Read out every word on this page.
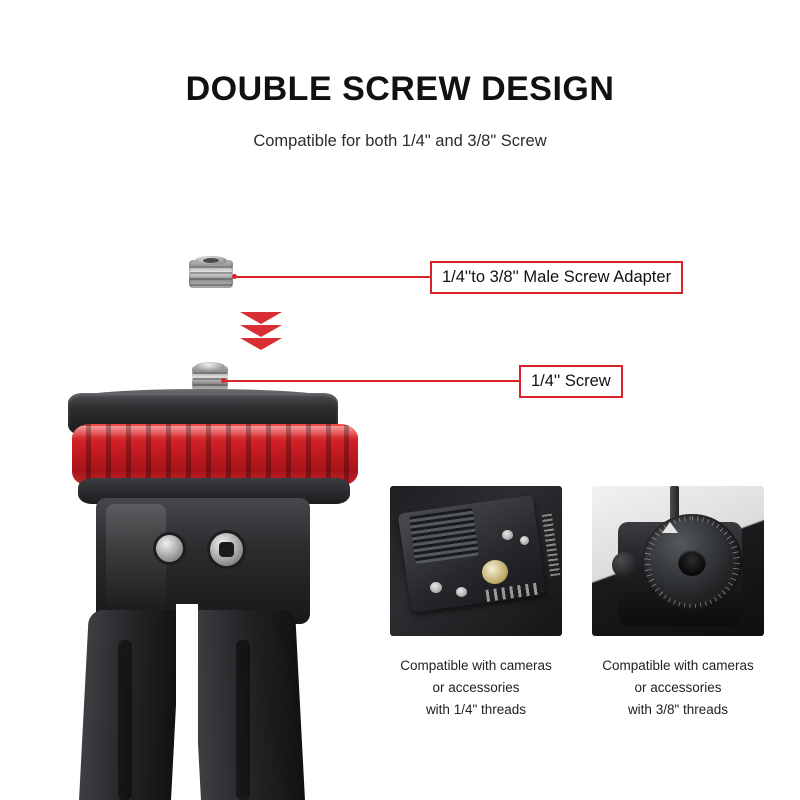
DOUBLE SCREW DESIGN
Compatible for both 1/4" and 3/8" Screw
1/4''to 3/8'' Male Screw Adapter
1/4'' Screw
Compatible with cameras
or accessories
with 1/4" threads
Compatible with cameras
or accessories
with 3/8" threads
